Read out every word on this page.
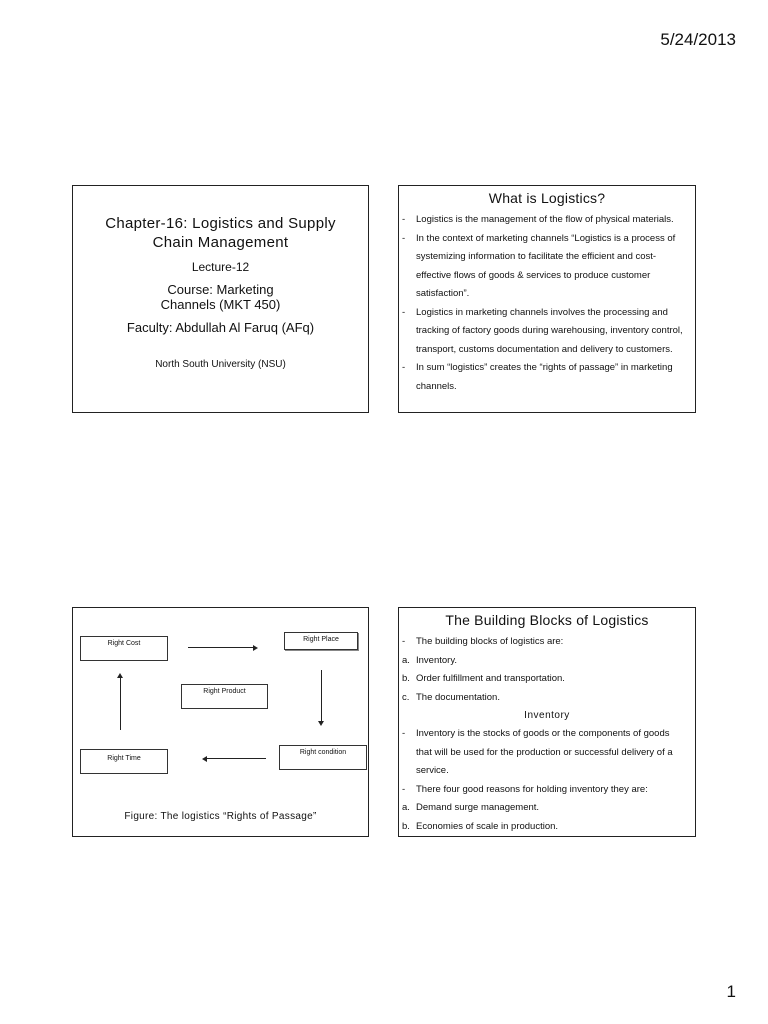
5/24/2013
Chapter-16: Logistics and Supply Chain Management
Lecture-12
Course: Marketing Channels (MKT 450)
Faculty: Abdullah Al Faruq (AFq)
North South University (NSU)
What is Logistics?
-	Logistics is the management of the flow of physical materials.
-	In the context of marketing channels “Logistics is a process of systemizing information to facilitate the efficient and cost-effective flows of goods & services to produce customer satisfaction”.
-	Logistics in marketing channels involves the processing and tracking of factory goods during warehousing, inventory control, transport, customs documentation and delivery to customers.
-	In sum “logistics” creates the “rights of passage” in marketing channels.
Right Cost
Right Place
Right Product
Right Time
Right condition
Figure: The logistics “Rights of Passage”
The Building Blocks of Logistics
-	The building blocks of logistics are:
a. Inventory.
b. Order fulfillment and transportation.
c. The documentation.
Inventory
-	Inventory is the stocks of goods or the components of goods that will be used for the production or successful delivery of a service.
-	There four good reasons for holding inventory they are:
a. Demand surge management.
b. Economies of scale in production.
1
